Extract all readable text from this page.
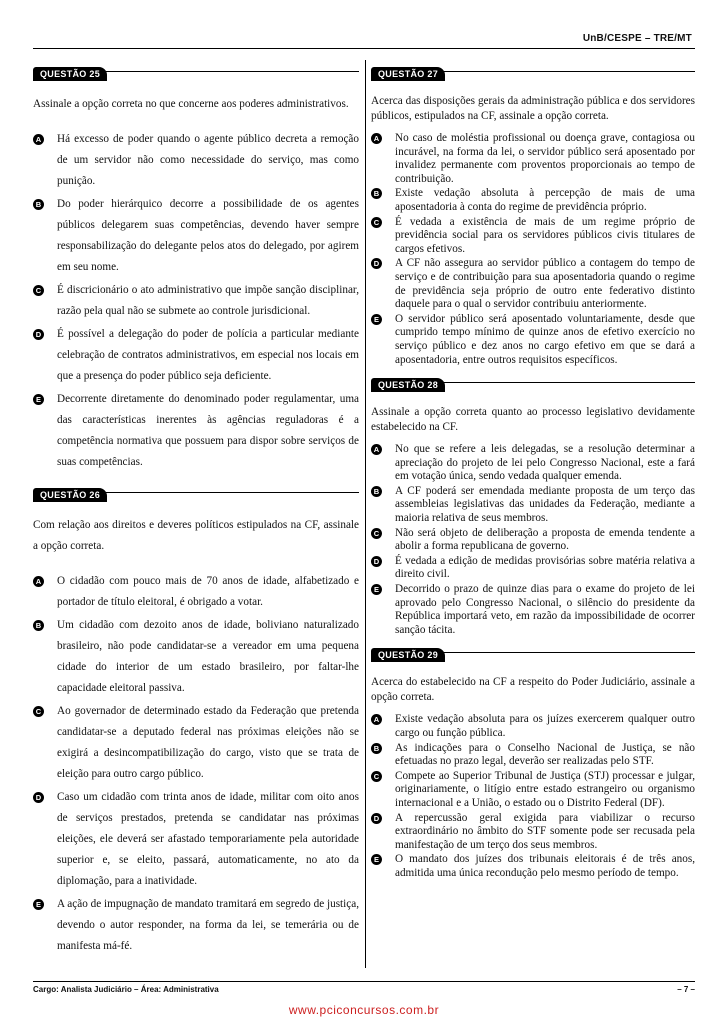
UnB/CESPE – TRE/MT
QUESTÃO 25

Assinale a opção correta no que concerne aos poderes administrativos.

A Há excesso de poder quando o agente público decreta a remoção de um servidor não como necessidade do serviço, mas como punição.
B Do poder hierárquico decorre a possibilidade de os agentes públicos delegarem suas competências, devendo haver sempre responsabilização do delegante pelos atos do delegado, por agirem em seu nome.
C É discricionário o ato administrativo que impõe sanção disciplinar, razão pela qual não se submete ao controle jurisdicional.
D É possível a delegação do poder de polícia a particular mediante celebração de contratos administrativos, em especial nos locais em que a presença do poder público seja deficiente.
E Decorrente diretamente do denominado poder regulamentar, uma das características inerentes às agências reguladoras é a competência normativa que possuem para dispor sobre serviços de suas competências.
QUESTÃO 26

Com relação aos direitos e deveres políticos estipulados na CF, assinale a opção correta.

A O cidadão com pouco mais de 70 anos de idade, alfabetizado e portador de título eleitoral, é obrigado a votar.
B Um cidadão com dezoito anos de idade, boliviano naturalizado brasileiro, não pode candidatar-se a vereador em uma pequena cidade do interior de um estado brasileiro, por faltar-lhe capacidade eleitoral passiva.
C Ao governador de determinado estado da Federação que pretenda candidatar-se a deputado federal nas próximas eleições não se exigirá a desincompatibilização do cargo, visto que se trata de eleição para outro cargo público.
D Caso um cidadão com trinta anos de idade, militar com oito anos de serviços prestados, pretenda se candidatar nas próximas eleições, ele deverá ser afastado temporariamente pela autoridade superior e, se eleito, passará, automaticamente, no ato da diplomação, para a inatividade.
E A ação de impugnação de mandato tramitará em segredo de justiça, devendo o autor responder, na forma da lei, se temerária ou de manifesta má-fé.
QUESTÃO 27

Acerca das disposições gerais da administração pública e dos servidores públicos, estipulados na CF, assinale a opção correta.

A No caso de moléstia profissional ou doença grave, contagiosa ou incurável, na forma da lei, o servidor público será aposentado por invalidez permanente com proventos proporcionais ao tempo de contribuição.
B Existe vedação absoluta à percepção de mais de uma aposentadoria à conta do regime de previdência próprio.
C É vedada a existência de mais de um regime próprio de previdência social para os servidores públicos civis titulares de cargos efetivos.
D A CF não assegura ao servidor público a contagem do tempo de serviço e de contribuição para sua aposentadoria quando o regime de previdência seja próprio de outro ente federativo distinto daquele para o qual o servidor contribuiu anteriormente.
E O servidor público será aposentado voluntariamente, desde que cumprido tempo mínimo de quinze anos de efetivo exercício no serviço público e dez anos no cargo efetivo em que se dará a aposentadoria, entre outros requisitos específicos.
QUESTÃO 28

Assinale a opção correta quanto ao processo legislativo devidamente estabelecido na CF.

A No que se refere a leis delegadas, se a resolução determinar a apreciação do projeto de lei pelo Congresso Nacional, este a fará em votação única, sendo vedada qualquer emenda.
B A CF poderá ser emendada mediante proposta de um terço das assembleias legislativas das unidades da Federação, mediante a maioria relativa de seus membros.
C Não será objeto de deliberação a proposta de emenda tendente a abolir a forma republicana de governo.
D É vedada a edição de medidas provisórias sobre matéria relativa a direito civil.
E Decorrido o prazo de quinze dias para o exame do projeto de lei aprovado pelo Congresso Nacional, o silêncio do presidente da República importará veto, em razão da impossibilidade de ocorrer sanção tácita.
QUESTÃO 29

Acerca do estabelecido na CF a respeito do Poder Judiciário, assinale a opção correta.

A Existe vedação absoluta para os juízes exercerem qualquer outro cargo ou função pública.
B As indicações para o Conselho Nacional de Justiça, se não efetuadas no prazo legal, deverão ser realizadas pelo STF.
C Compete ao Superior Tribunal de Justiça (STJ) processar e julgar, originariamente, o litígio entre estado estrangeiro ou organismo internacional e a União, o estado ou o Distrito Federal (DF).
D A repercussão geral exigida para viabilizar o recurso extraordinário no âmbito do STF somente pode ser recusada pela manifestação de um terço dos seus membros.
E O mandato dos juízes dos tribunais eleitorais é de três anos, admitida uma única recondução pelo mesmo período de tempo.
Cargo: Analista Judiciário – Área: Administrativa	– 7 –
www.pciconcursos.com.br
